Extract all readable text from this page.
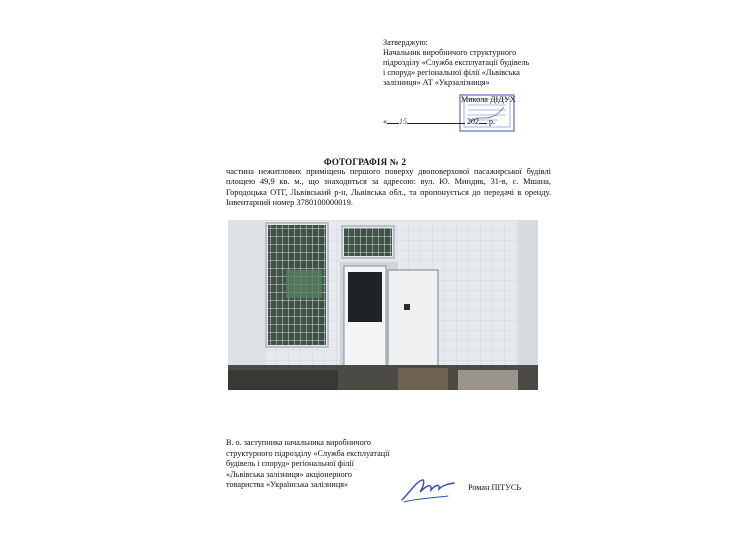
Затверджую:
Начальник виробничого структурного
підрозділу «Служба експлуатації будівель
і споруд» регіональної філії «Львівська
залізниця» АТ «Укрзалізниця»
Микола ДІДУХ
« 15	202 р.
ФОТОГРАФІЯ № 2
частина нежитлових приміщень першого поверху двоповерхової пасажирської будівлі площею 49,9 кв. м., що знаходиться за адресою: вул. Ю. Миндик, 31-в, с. Мшана, Городоцька ОТГ, Львівський р-н, Львівська обл., та пропонується до передачі в оренду. Інвентарний номер 3780100000019.
В. о. заступника начальника виробничого
структурного підрозділу «Служба експлуатації
будівель і споруд» регіональної філії
«Львівська залізниця» акціонерного
товариства «Українська залізниця»	Роман ПІТУСЬ
